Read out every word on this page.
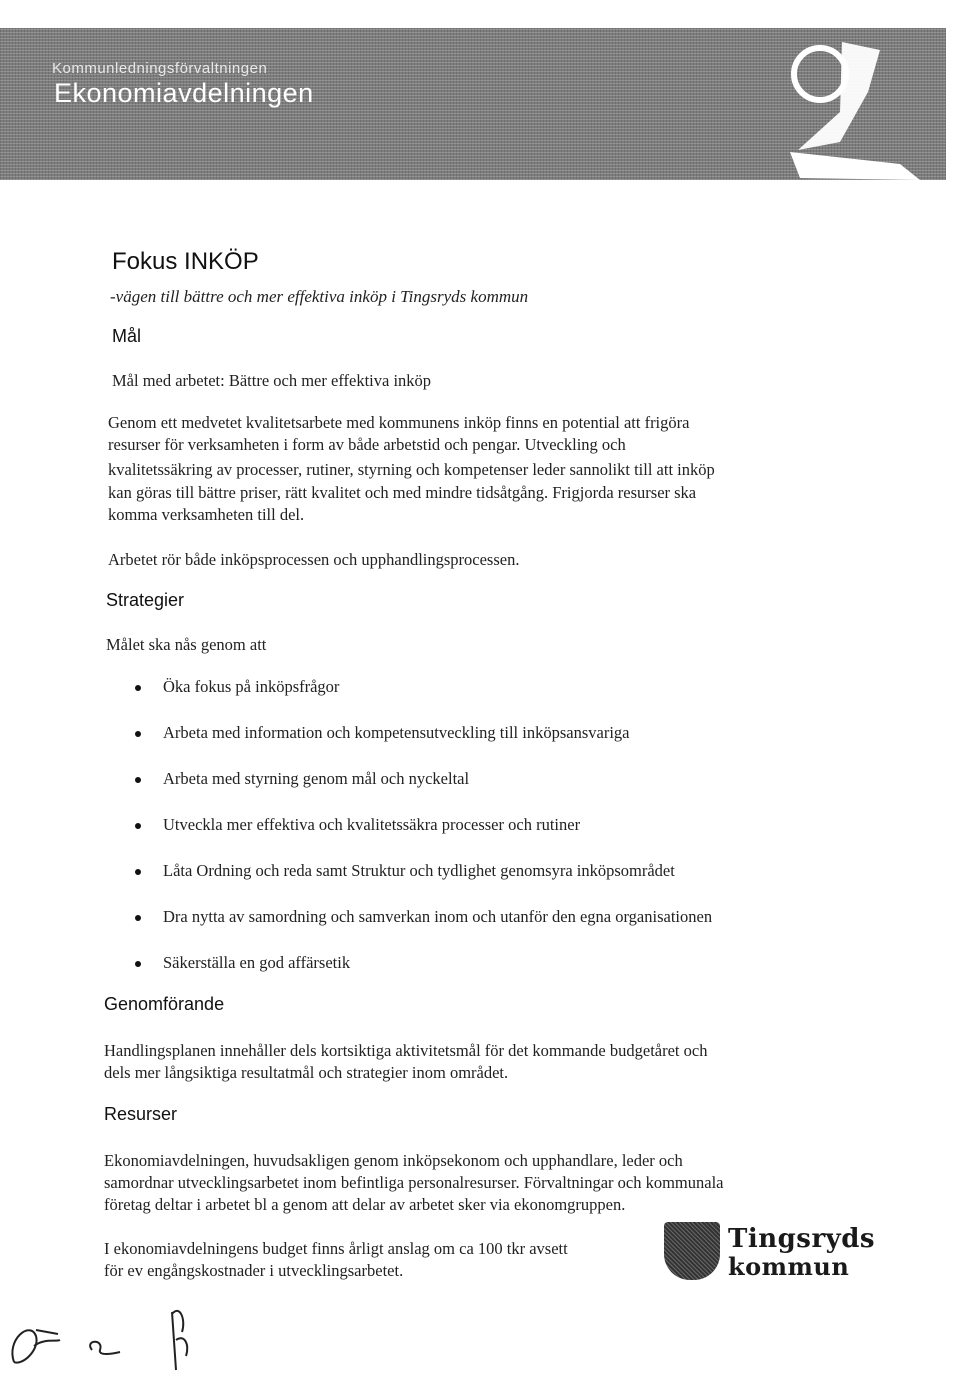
Kommunledningsförvaltningen
Ekonomiavdelningen
Fokus INKÖP
-vägen till bättre och mer effektiva inköp i Tingsryds kommun
Mål

Mål med arbetet: Bättre och mer effektiva inköp

Genom ett medvetet kvalitetsarbete med kommunens inköp finns en potential att frigöra

resurser för verksamheten i form av både arbetstid och pengar. Utveckling och

kvalitetssäkring av processer, rutiner, styrning och kompetenser leder sannolikt till att inköp

kan göras till bättre priser, rätt kvalitet och med mindre tidsåtgång. Frigjorda resurser ska

komma verksamheten till del.

Arbetet rör både inköpsprocessen och upphandlingsprocessen.

Strategier

Målet ska nås genom att

Öka fokus på inköpsfrågor
Arbeta med information och kompetensutveckling till inköpsansvariga
Arbeta med styrning genom mål och nyckeltal
Utveckla mer effektiva och kvalitetssäkra processer och rutiner
Låta Ordning och reda samt Struktur och tydlighet genomsyra inköpsområdet
Dra nytta av samordning och samverkan inom och utanför den egna organisationen
Säkerställa en god affärsetik
Genomförande

Handlingsplanen innehåller dels kortsiktiga aktivitetsmål för det kommande budgetåret och

dels mer långsiktiga resultatmål och strategier inom området.

Resurser

Ekonomiavdelningen, huvudsakligen genom inköpsekonom och upphandlare, leder och

samordnar utvecklingsarbetet inom befintliga personalresurser. Förvaltningar och kommunala

företag deltar i arbetet bl a genom att delar av arbetet sker via ekonomgruppen.

I ekonomiavdelningens budget finns årligt anslag om ca 100 tkr avsett

för ev engångskostnader i utvecklingsarbetet.

Tingsryds
kommun
